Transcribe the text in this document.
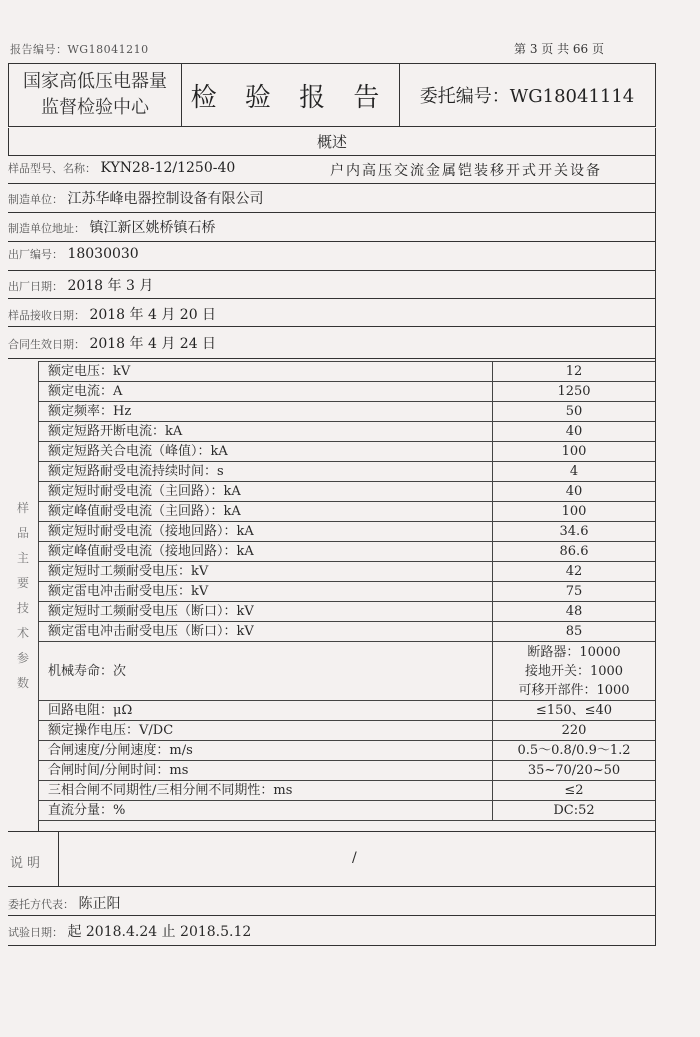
报告编号：WG18041210	第 3 页 共 66 页
国家高低压电器量
监督检验中心	检 验 报 告	委托编号：WG18041114
概述
样品型号、名称： KYN28-12/1250-40	户内高压交流金属铠装移开式开关设备
制造单位： 江苏华峰电器控制设备有限公司
制造单位地址： 镇江新区姚桥镇石桥
出厂编号： 18030030
出厂日期： 2018 年 3 月
样品接收日期： 2018 年 4 月 20 日
合同生效日期： 2018 年 4 月 24 日
样
品
主
要
技
术
参
数
额定电压：kV	12
额定电流：A	1250
额定频率：Hz	50
额定短路开断电流：kA	40
额定短路关合电流（峰值）：kA	100
额定短路耐受电流持续时间：s	4
额定短时耐受电流（主回路）：kA	40
额定峰值耐受电流（主回路）：kA	100
额定短时耐受电流（接地回路）：kA	34.6
额定峰值耐受电流（接地回路）：kA	86.6
额定短时工频耐受电压：kV	42
额定雷电冲击耐受电压：kV	75
额定短时工频耐受电压（断口）：kV	48
额定雷电冲击耐受电压（断口）：kV	85
机械寿命：次	断路器：10000
接地开关：1000
可移开部件：1000

回路电阻：μΩ	≤150、≤40
额定操作电压：V/DC	220
合闸速度/分闸速度：m/s	0.5～0.8/0.9～1.2
合闸时间/分闸时间：ms	35~70/20~50
三相合闸不同期性/三相分闸不同期性：ms	≤2
直流分量：%	DC:52
说明	/
委托方代表： 陈正阳
试验日期： 起 2018.4.24 止 2018.5.12
